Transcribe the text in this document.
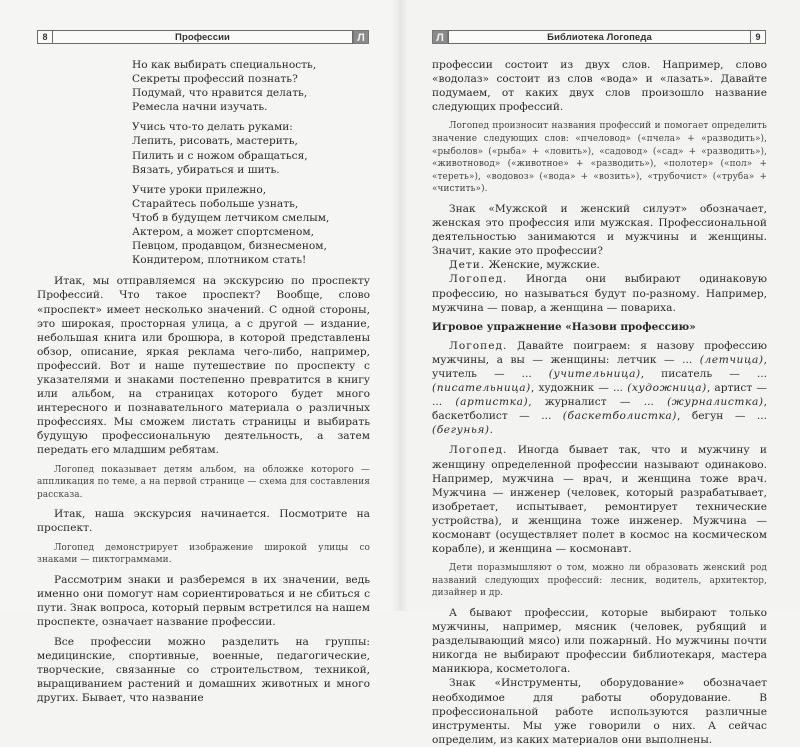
8	Профессии	Л
Но как выбирать специальность,
Секреты профессий познать?
Подумай, что нравится делать,
Ремесла начни изучать.
Учись что-то делать руками:
Лепить, рисовать, мастерить,
Пилить и с ножом обращаться,
Вязать, убираться и шить.
Учите уроки прилежно,
Старайтесь побольше узнать,
Чтоб в будущем летчиком смелым,
Актером, а может спортсменом,
Певцом, продавцом, бизнесменом,
Кондитером, плотником стать!

Итак, мы отправляемся на экскурсию по проспекту Профессий. Что такое проспект? Вообще, слово «проспект» имеет несколько значений. С одной стороны, это широкая, просторная улица, а с другой — издание, небольшая книга или брошюра, в которой представлены обзор, описание, яркая реклама чего-либо, например, профессий. Вот и наше путешествие по проспекту с указателями и знаками постепенно превратится в книгу или альбом, на страницах которого будет много интересного и познавательного материала о различных профессиях. Мы сможем листать страницы и выбирать будущую профессиональную деятельность, а затем передать его младшим ребятам.

Логопед показывает детям альбом, на обложке которого — аппликация по теме, а на первой странице — схема для составления рассказа.

Итак, наша экскурсия начинается. Посмотрите на проспект.

Логопед демонстрирует изображение широкой улицы со знаками — пиктограммами.

Рассмотрим знаки и разберемся в их значении, ведь именно они помогут нам сориентироваться и не сбиться с пути. Знак вопроса, который первым встретился на нашем проспекте, означает название профессии.

Все профессии можно разделить на группы: медицинские, спортивные, военные, педагогические, творческие, связанные со строительством, техникой, выращиванием растений и домашних животных и много других. Бывает, что название

Л	Библиотека Логопеда	9

профессии состоит из двух слов. Например, слово «водолаз» состоит из слов «вода» и «лазать». Давайте подумаем, от каких двух слов произошло название следующих профессий.

Логопед произносит названия профессий и помогает определить значение следующих слов: «пчеловод» («пчела» + «разводить»), «рыболов» («рыба» + «ловить»), «садовод» («сад» + «разводить»), «животновод» («животное» + «разводить»), «полотер» («пол» + «тереть»), «водовоз» («вода» + «возить»), «трубочист» («труба» + «чистить»).

Знак «Мужской и женский силуэт» обозначает, женская это профессия или мужская. Профессиональной деятельностью занимаются и мужчины и женщины. Значит, какие это профессии?

Дети. Женские, мужские.

Логопед. Иногда они выбирают одинаковую профессию, но называться будут по-разному. Например, мужчина — повар, а женщина — повариха.

Игровое упражнение «Назови профессию»

Логопед. Давайте поиграем: я назову профессию мужчины, а вы — женщины: летчик — ... (летчица), учитель — ... (учительница), писатель — ... (писательница), художник — ... (художница), артист — ... (артистка), журналист — ... (журналистка), баскетболист — ... (баскетболистка), бегун — ... (бегунья).

Логопед. Иногда бывает так, что и мужчину и женщину определенной профессии называют одинаково. Например, мужчина — врач, и женщина тоже врач. Мужчина — инженер (человек, который разрабатывает, изобретает, испытывает, ремонтирует технические устройства), и женщина тоже инженер. Мужчина — космонавт (осуществляет полет в космос на космическом корабле), и женщина — космонавт.

Дети поразмышляют о том, можно ли образовать женский род названий следующих профессий: лесник, водитель, архитектор, дизайнер и др.

А бывают профессии, которые выбирают только мужчины, например, мясник (человек, рубящий и разделывающий мясо) или пожарный. Но мужчины почти никогда не выбирают профессии библиотекаря, мастера маникюра, косметолога.

Знак «Инструменты, оборудование» обозначает необходимое для работы оборудование. В профессиональной работе используются различные инструменты. Мы уже говорили о них. А сейчас определим, из каких материалов они выполнены.
